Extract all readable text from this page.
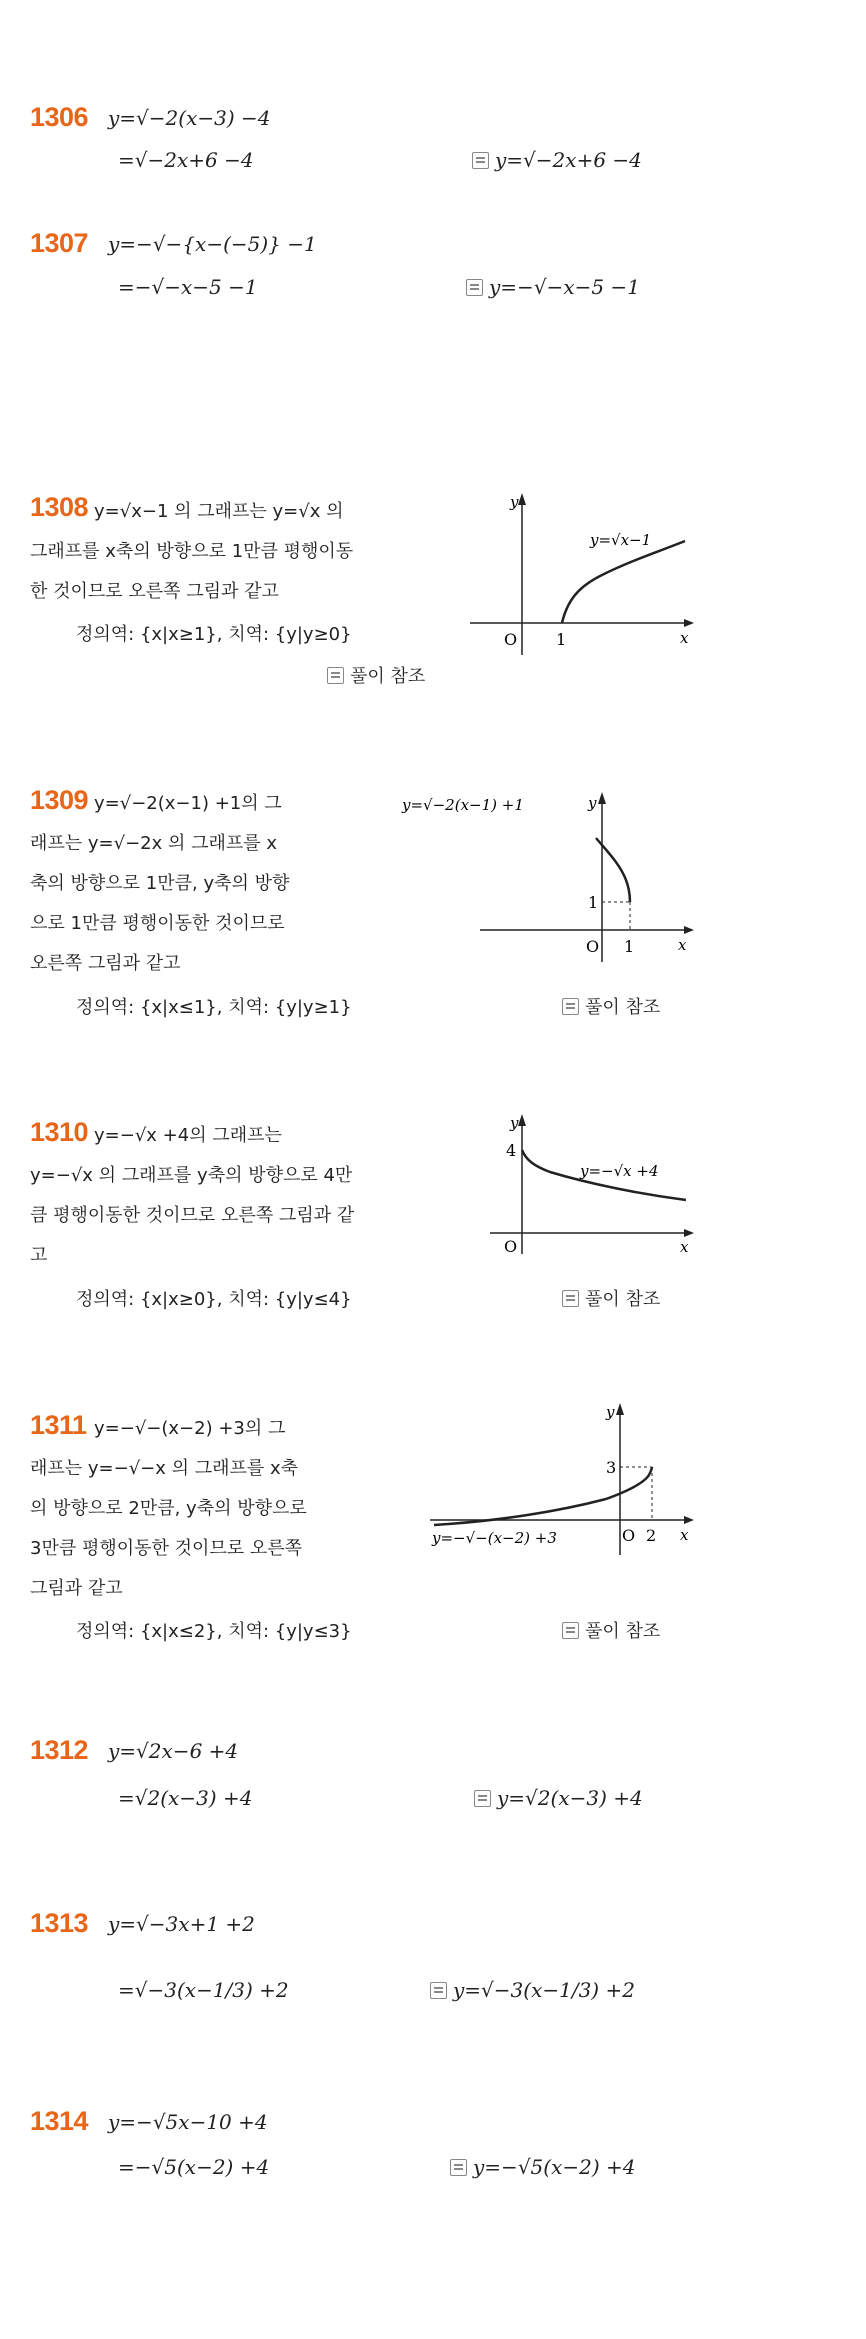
1306 y=√−2(x−3) −4
=√−2x+6 −4	y=√−2x+6 −4
1307 y=−√−{x−(−5)} −1
=−√−x−5 −1	y=−√−x−5 −1
1308 y=√x−1 의 그래프는 y=√x 의
그래프를 x축의 방향으로 1만큼 평행이동
한 것이므로 오른쪽 그림과 같고
정의역: {x|x≥1}, 치역: {y|y≥0}
풀이 참조
y
x
O 1
y=√x−1
1309 y=√−2(x−1) +1의 그
래프는 y=√−2x 의 그래프를 x
축의 방향으로 1만큼, y축의 방향
으로 1만큼 평행이동한 것이므로
오른쪽 그림과 같고
정의역: {x|x≤1}, 치역: {y|y≥1}	풀이 참조
y=√−2(x−1) +1	y
x
O 1
1
1310 y=−√x +4의 그래프는
y=−√x 의 그래프를 y축의 방향으로 4만
큼 평행이동한 것이므로 오른쪽 그림과 같
고
정의역: {x|x≥0}, 치역: {y|y≤4}	풀이 참조
y
x
O
4
y=−√x +4
1311 y=−√−(x−2) +3의 그
래프는 y=−√−x 의 그래프를 x축
의 방향으로 2만큼, y축의 방향으로
3만큼 평행이동한 것이므로 오른쪽
그림과 같고
정의역: {x|x≤2}, 치역: {y|y≤3}	풀이 참조
y
x
O 2
3
y=−√−(x−2) +3
1312 y=√2x−6 +4
=√2(x−3) +4	y=√2(x−3) +4
1313 y=√−3x+1 +2
=√−3(x−1/3) +2	y=√−3(x−1/3) +2
1314 y=−√5x−10 +4
=−√5(x−2) +4	y=−√5(x−2) +4
